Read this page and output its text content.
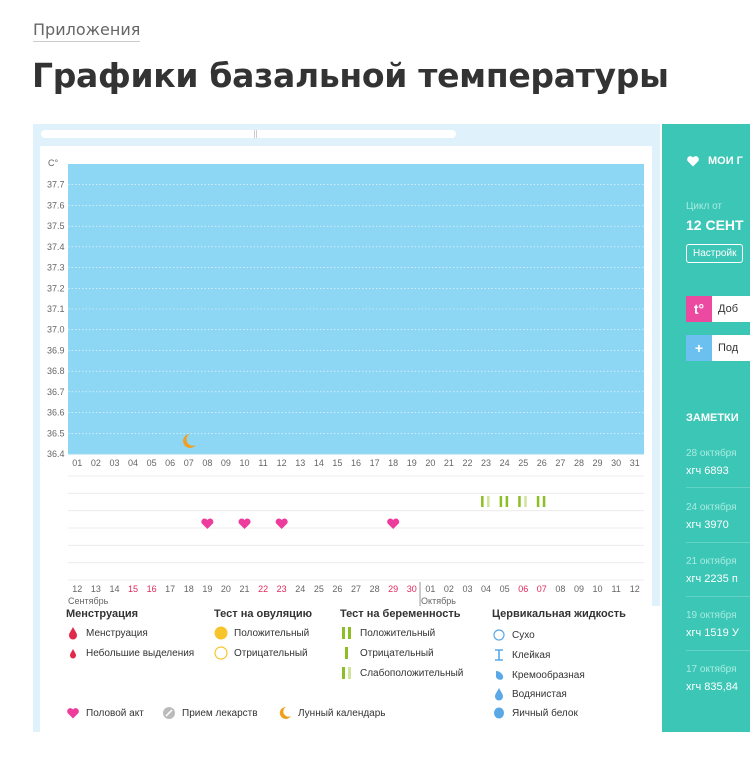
Приложения
Графики базальной температуры
C°
37.7
37.6
37.5
37.4
37.3
37.2
37.1
37.0
36.9
36.8
36.7
36.6
36.5
36.4
01 02 03 04 05 06 07 08 09 10 11 12 13 14 15 16 17 18 19 20 21 22 23 24 25 26 27 28 29 30 31
12 13 14 15 16 17 18 19 20 21 22 23 24 25 26 27 28 29 30 01 02 03 04 05 06 07 08 09 10 11 12
Сентябрь	Октябрь
Менструация
Менструация
Небольшие выделения
Тест на овуляцию
Положительный
Отрицательный
Тест на беременность
Положительный
Отрицательный
Слабоположительный
Цервикальная жидкость
Сухо
Клейкая
Кремообразная
Водянистая
Яичный белок
Половой акт	Прием лекарств	Лунный календарь
МОИ Г
Цикл от
12 СЕНТ
Настройк
t°	Доб
+	Под
ЗАМЕТКИ
28 октября
хгч 6893
24 октября
хгч 3970
21 октября
хгч 2235 п
19 октября
хгч 1519 У
17 октября
хгч 835,84
